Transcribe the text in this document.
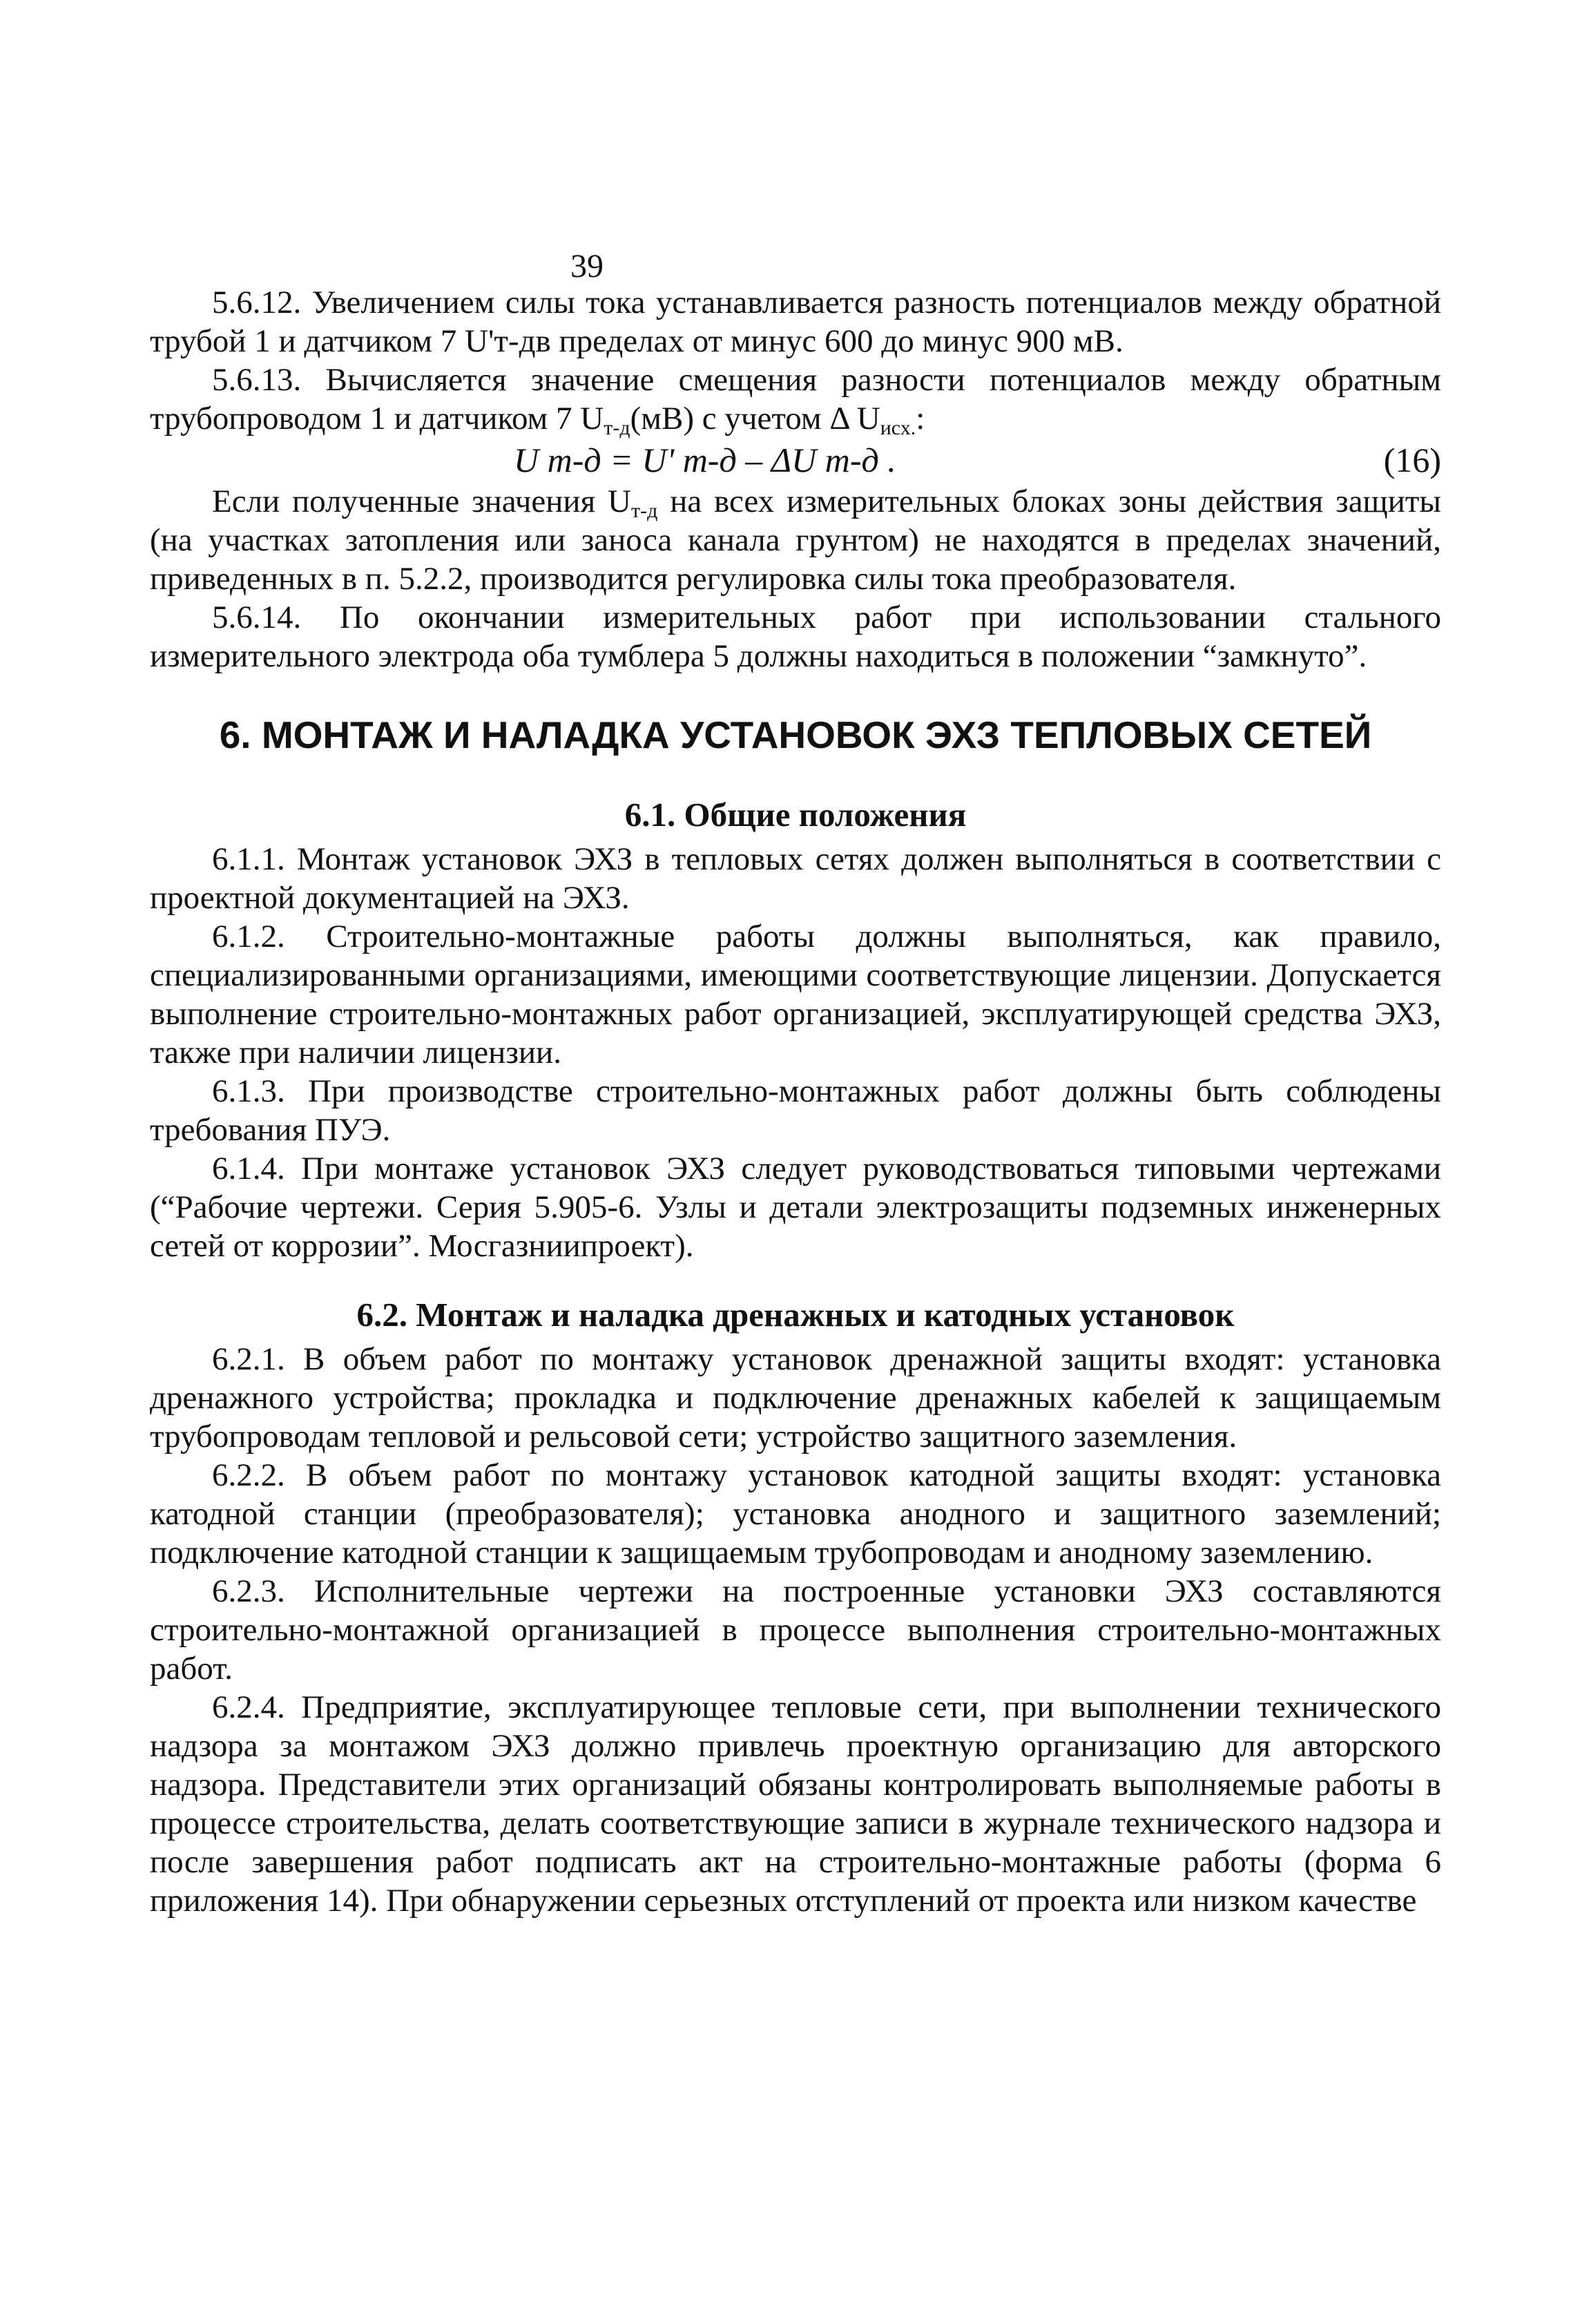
39

5.6.12. Увеличением силы тока устанавливается разность потенциалов между обратной трубой 1 и датчиком 7 U'т-дв пределах от минус 600 до минус 900 мВ.

5.6.13. Вычисляется значение смещения разности потенциалов между обратным трубопроводом 1 и датчиком 7 $U_{т-д}(мВ)$ с учетом Δ $U_{исх.}$:

U т-д = U' т-д – ΔU т-д .	(16)

Если полученные значения $U_{т-д}$ на всех измерительных блоках зоны действия защиты (на участках затопления или заноса канала грунтом) не находятся в пределах значений, приведенных в п. 5.2.2, производится регулировка силы тока преобразователя.

5.6.14. По окончании измерительных работ при использовании стального измерительного электрода оба тумблера 5 должны находиться в положении “замкнуто”.

6. МОНТАЖ И НАЛАДКА УСТАНОВОК ЭХЗ ТЕПЛОВЫХ СЕТЕЙ
6.1. Общие положения

6.1.1. Монтаж установок ЭХЗ в тепловых сетях должен выполняться в соответствии с проектной документацией на ЭХЗ.

6.1.2. Строительно-монтажные работы должны выполняться, как правило, специализированными организациями, имеющими соответствующие лицензии. Допускается выполнение строительно-монтажных работ организацией, эксплуатирующей средства ЭХЗ, также при наличии лицензии.

6.1.3. При производстве строительно-монтажных работ должны быть соблюдены требования ПУЭ.

6.1.4. При монтаже установок ЭХЗ следует руководствоваться типовыми чертежами (“Рабочие чертежи. Серия 5.905-6. Узлы и детали электрозащиты подземных инженерных сетей от коррозии”. Мосгазниипроект).

6.2. Монтаж и наладка дренажных и катодных установок

6.2.1. В объем работ по монтажу установок дренажной защиты входят: установка дренажного устройства; прокладка и подключение дренажных кабелей к защищаемым трубопроводам тепловой и рельсовой сети; устройство защитного заземления.

6.2.2. В объем работ по монтажу установок катодной защиты входят: установка катодной станции (преобразователя); установка анодного и защитного заземлений; подключение катодной станции к защищаемым трубопроводам и анодному заземлению.

6.2.3. Исполнительные чертежи на построенные установки ЭХЗ составляются строительно-монтажной организацией в процессе выполнения строительно-монтажных работ.

6.2.4. Предприятие, эксплуатирующее тепловые сети, при выполнении технического надзора за монтажом ЭХЗ должно привлечь проектную организацию для авторского надзора. Представители этих организаций обязаны контролировать выполняемые работы в процессе строительства, делать соответствующие записи в журнале технического надзора и после завершения работ подписать акт на строительно-монтажные работы (форма 6 приложения 14). При обнаружении серьезных отступлений от проекта или низком качестве
